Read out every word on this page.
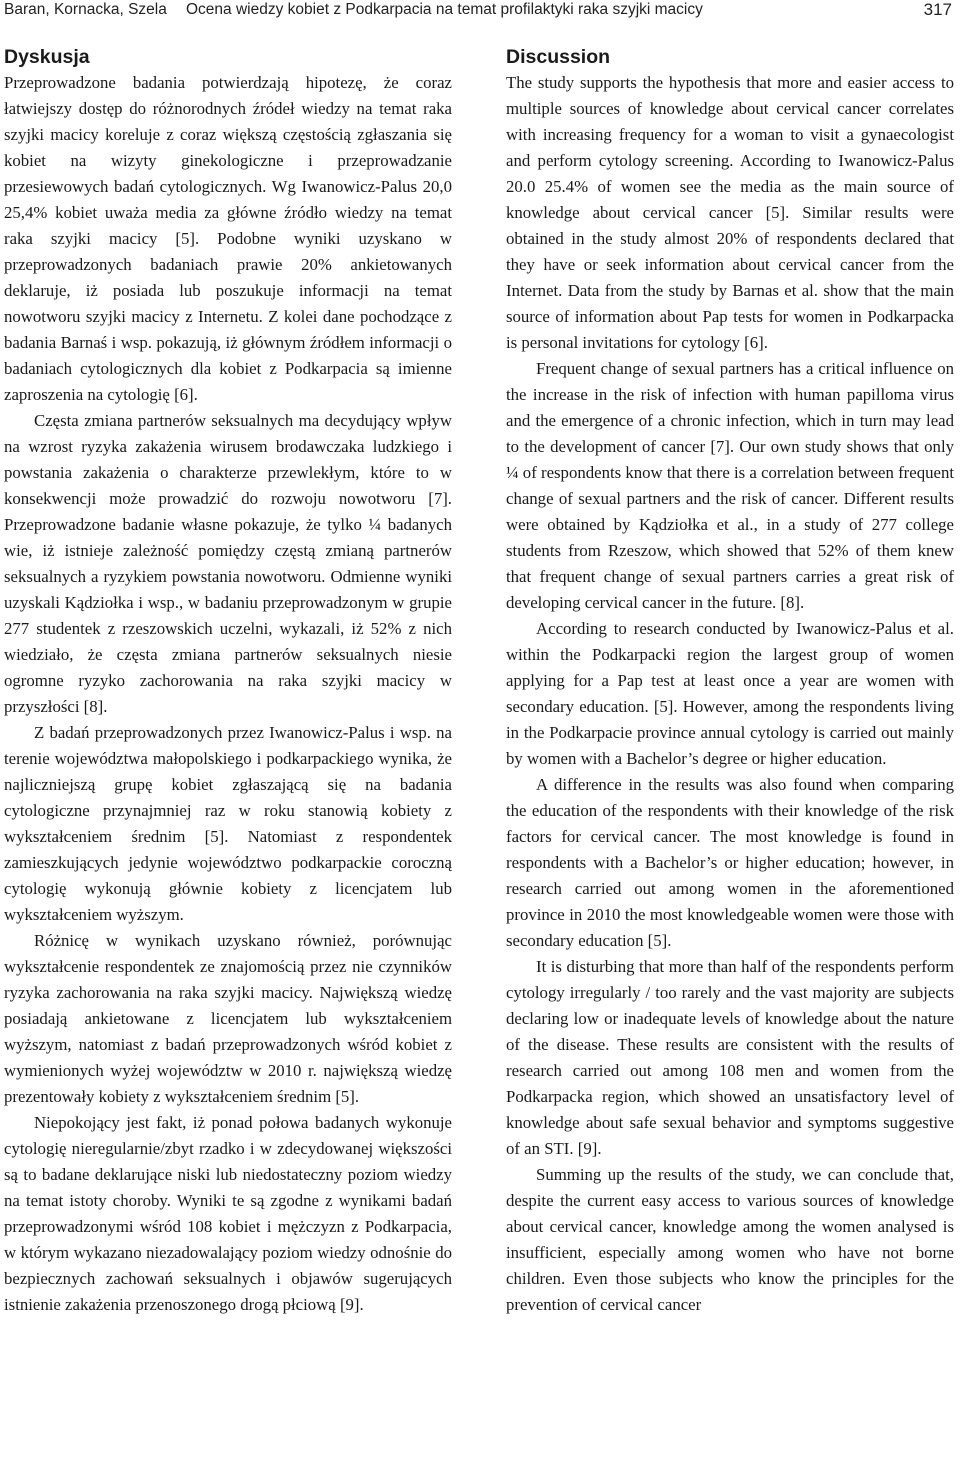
Baran, Kornacka, Szela Ocena wiedzy kobiet z Podkarpacia na temat profilaktyki raka szyjki macicy	317
Dyskusja

Przeprowadzone badania potwierdzają hipotezę, że coraz łatwiejszy dostęp do różnorodnych źródeł wiedzy na temat raka szyjki macicy koreluje z coraz większą częstością zgłaszania się kobiet na wizyty ginekologiczne i przeprowadzanie przesiewowych badań cytologicznych. Wg Iwanowicz-Palus 20,0 25,4% kobiet uważa media za główne źródło wiedzy na temat raka szyjki macicy [5]. Podobne wyniki uzyskano w przeprowadzonych badaniach prawie 20% ankietowanych deklaruje, iż posiada lub poszukuje informacji na temat nowotworu szyjki macicy z Internetu. Z kolei dane pochodzące z badania Barnaś i wsp. pokazują, iż głównym źródłem informacji o badaniach cytologicznych dla kobiet z Podkarpacia są imienne zaproszenia na cytologię [6].

Częsta zmiana partnerów seksualnych ma decydujący wpływ na wzrost ryzyka zakażenia wirusem brodawczaka ludzkiego i powstania zakażenia o charakterze przewlekłym, które to w konsekwencji może prowadzić do rozwoju nowotworu [7]. Przeprowadzone badanie własne pokazuje, że tylko ¼ badanych wie, iż istnieje zależność pomiędzy częstą zmianą partnerów seksualnych a ryzykiem powstania nowotworu. Odmienne wyniki uzyskali Kądziołka i wsp., w badaniu przeprowadzonym w grupie 277 studentek z rzeszowskich uczelni, wykazali, iż 52% z nich wiedziało, że częsta zmiana partnerów seksualnych niesie ogromne ryzyko zachorowania na raka szyjki macicy w przyszłości [8].

Z badań przeprowadzonych przez Iwanowicz-Palus i wsp. na terenie województwa małopolskiego i podkarpackiego wynika, że najliczniejszą grupę kobiet zgłaszającą się na badania cytologiczne przynajmniej raz w roku stanowią kobiety z wykształceniem średnim [5]. Natomiast z respondentek zamieszkujących jedynie województwo podkarpackie coroczną cytologię wykonują głównie kobiety z licencjatem lub wykształceniem wyższym.

Różnicę w wynikach uzyskano również, porównując wykształcenie respondentek ze znajomością przez nie czynników ryzyka zachorowania na raka szyjki macicy. Największą wiedzę posiadają ankietowane z licencjatem lub wykształceniem wyższym, natomiast z badań przeprowadzonych wśród kobiet z wymienionych wyżej województw w 2010 r. największą wiedzę prezentowały kobiety z wykształceniem średnim [5].

Niepokojący jest fakt, iż ponad połowa badanych wykonuje cytologię nieregularnie/zbyt rzadko i w zdecydowanej większości są to badane deklarujące niski lub niedostateczny poziom wiedzy na temat istoty choroby. Wyniki te są zgodne z wynikami badań przeprowadzonymi wśród 108 kobiet i mężczyzn z Podkarpacia, w którym wykazano niezadowalający poziom wiedzy odnośnie do bezpiecznych zachowań seksualnych i objawów sugerujących istnienie zakażenia przenoszonego drogą płciową [9].

Discussion

The study supports the hypothesis that more and easier access to multiple sources of knowledge about cervical cancer correlates with increasing frequency for a woman to visit a gynaecologist and perform cytology screening. According to Iwanowicz-Palus 20.0 25.4% of women see the media as the main source of knowledge about cervical cancer [5]. Similar results were obtained in the study almost 20% of respondents declared that they have or seek information about cervical cancer from the Internet. Data from the study by Barnas et al. show that the main source of information about Pap tests for women in Podkarpacka is personal invitations for cytology [6].

Frequent change of sexual partners has a critical influence on the increase in the risk of infection with human papilloma virus and the emergence of a chronic infection, which in turn may lead to the development of cancer [7]. Our own study shows that only ¼ of respondents know that there is a correlation between frequent change of sexual partners and the risk of cancer. Different results were obtained by Kądziołka et al., in a study of 277 college students from Rzeszow, which showed that 52% of them knew that frequent change of sexual partners carries a great risk of developing cervical cancer in the future. [8].

According to research conducted by Iwanowicz-Palus et al. within the Podkarpacki region the largest group of women applying for a Pap test at least once a year are women with secondary education. [5]. However, among the respondents living in the Podkarpacie province annual cytology is carried out mainly by women with a Bachelor’s degree or higher education.

A difference in the results was also found when comparing the education of the respondents with their knowledge of the risk factors for cervical cancer. The most knowledge is found in respondents with a Bachelor’s or higher education; however, in research carried out among women in the aforementioned province in 2010 the most knowledgeable women were those with secondary education [5].

It is disturbing that more than half of the respondents perform cytology irregularly / too rarely and the vast majority are subjects declaring low or inadequate levels of knowledge about the nature of the disease. These results are consistent with the results of research carried out among 108 men and women from the Podkarpacka region, which showed an unsatisfactory level of knowledge about safe sexual behavior and symptoms suggestive of an STI. [9].

Summing up the results of the study, we can conclude that, despite the current easy access to various sources of knowledge about cervical cancer, knowledge among the women analysed is insufficient, especially among women who have not borne children. Even those subjects who know the principles for the prevention of cervical cancer
